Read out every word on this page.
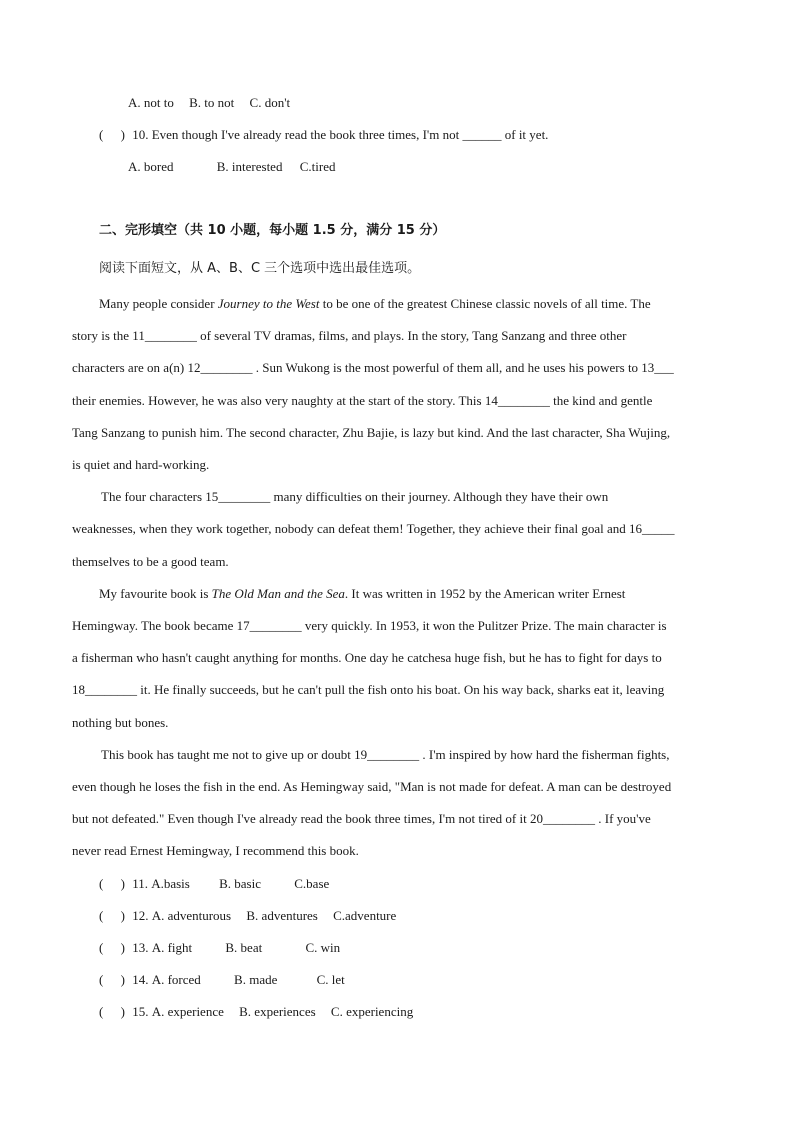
A. not to B. to not C. don't
( ) 10. Even though I've already read the book three times, I'm not ______ of it yet.
A. bored	B. interested C.tired
二、完形填空（共 10 小题，每小题 1.5 分，满分 15 分）
阅读下面短文，从 A、B、C 三个选项中选出最佳选项。
Many people consider Journey to the West to be one of the greatest Chinese classic novels of all time. The
story is the 11________ of several TV dramas, films, and plays. In the story, Tang Sanzang and three other
characters are on a(n) 12________ . Sun Wukong is the most powerful of them all, and he uses his powers to 13___
their enemies. However, he was also very naughty at the start of the story. This 14________ the kind and gentle
Tang Sanzang to punish him. The second character, Zhu Bajie, is lazy but kind. And the last character, Sha Wujing,
is quiet and hard-working.
The four characters 15________ many difficulties on their journey. Although they have their own
weaknesses, when they work together, nobody can defeat them! Together, they achieve their final goal and 16_____
themselves to be a good team.
My favourite book is The Old Man and the Sea. It was written in 1952 by the American writer Ernest
Hemingway. The book became 17________ very quickly. In 1953, it won the Pulitzer Prize. The main character is
a fisherman who hasn't caught anything for months. One day he catchesa huge fish, but he has to fight for days to
18________ it. He finally succeeds, but he can't pull the fish onto his boat. On his way back, sharks eat it, leaving
nothing but bones.
This book has taught me not to give up or doubt 19________ . I'm inspired by how hard the fisherman fights,
even though he loses the fish in the end. As Hemingway said, "Man is not made for defeat. A man can be destroyed
but not defeated." Even though I've already read the book three times, I'm not tired of it 20________ . If you've
never read Ernest Hemingway, I recommend this book.
( ) 11. A.basis B. basic	C.base
( ) 12. A. adventurous B. adventures C.adventure
( ) 13. A. fight	B. beat	C. win
( ) 14. A. forced	B. made	C. let
( ) 15. A. experience B. experiences C. experiencing
